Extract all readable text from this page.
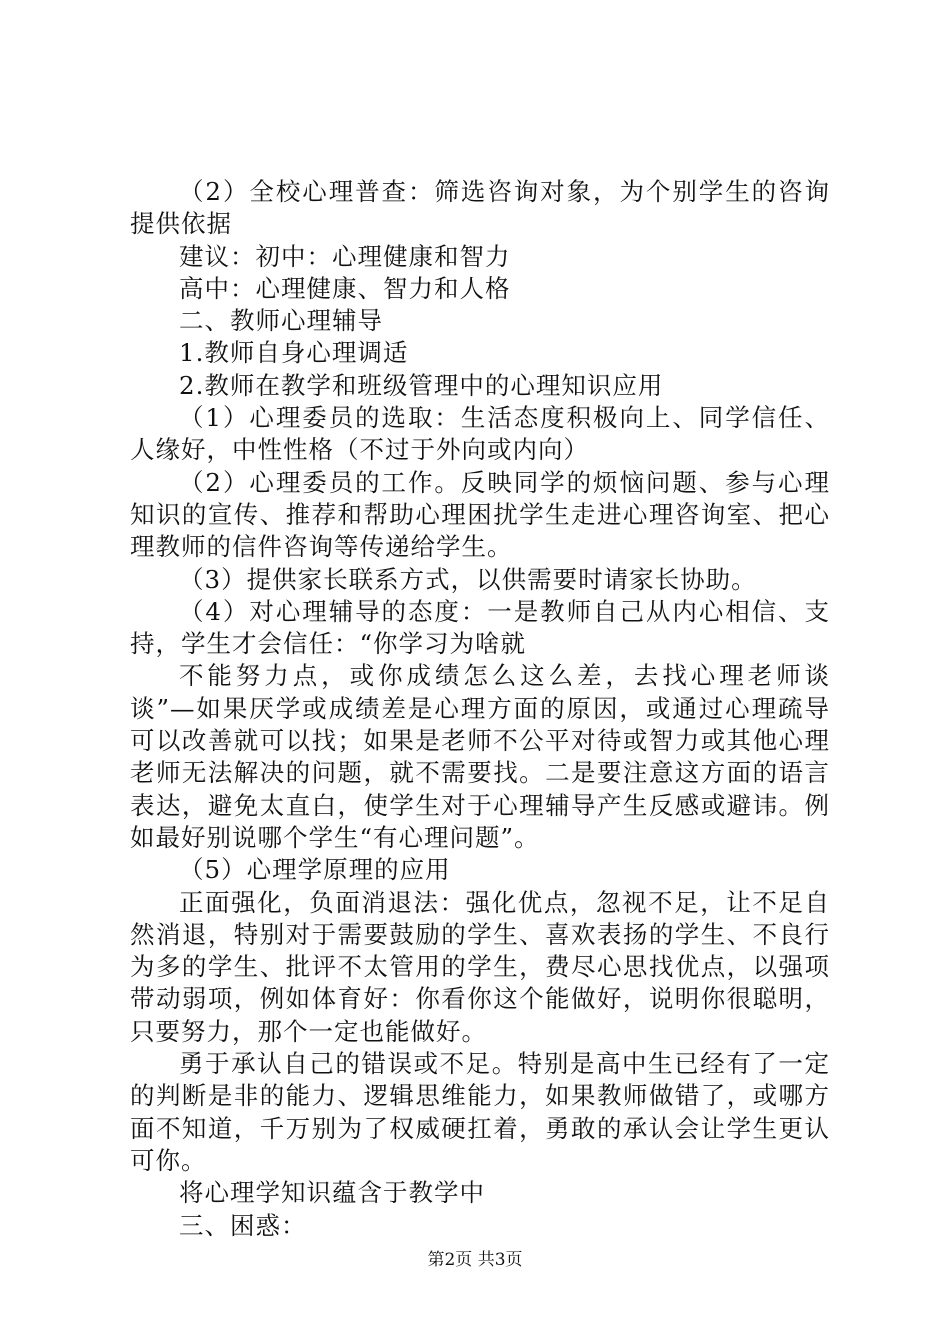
（2）全校心理普查：筛选咨询对象，为个别学生的咨询提供依据

建议：初中：心理健康和智力

高中：心理健康、智力和人格

二、教师心理辅导

1.教师自身心理调适

2.教师在教学和班级管理中的心理知识应用

（1）心理委员的选取：生活态度积极向上、同学信任、人缘好，中性性格（不过于外向或内向）

（2）心理委员的工作。反映同学的烦恼问题、参与心理知识的宣传、推荐和帮助心理困扰学生走进心理咨询室、把心理教师的信件咨询等传递给学生。

（3）提供家长联系方式，以供需要时请家长协助。

（4）对心理辅导的态度：一是教师自己从内心相信、支持，学生才会信任：“你学习为啥就

不能努力点，或你成绩怎么这么差，去找心理老师谈谈”—如果厌学或成绩差是心理方面的原因，或通过心理疏导可以改善就可以找；如果是老师不公平对待或智力或其他心理老师无法解决的问题，就不需要找。二是要注意这方面的语言表达，避免太直白，使学生对于心理辅导产生反感或避讳。例如最好别说哪个学生“有心理问题”。

（5）心理学原理的应用

正面强化，负面消退法：强化优点，忽视不足，让不足自然消退，特别对于需要鼓励的学生、喜欢表扬的学生、不良行为多的学生、批评不太管用的学生，费尽心思找优点，以强项带动弱项，例如体育好：你看你这个能做好，说明你很聪明，只要努力，那个一定也能做好。

勇于承认自己的错误或不足。特别是高中生已经有了一定的判断是非的能力、逻辑思维能力，如果教师做错了，或哪方面不知道，千万别为了权威硬扛着，勇敢的承认会让学生更认可你。

将心理学知识蕴含于教学中

三、困惑：

第2页 共3页
